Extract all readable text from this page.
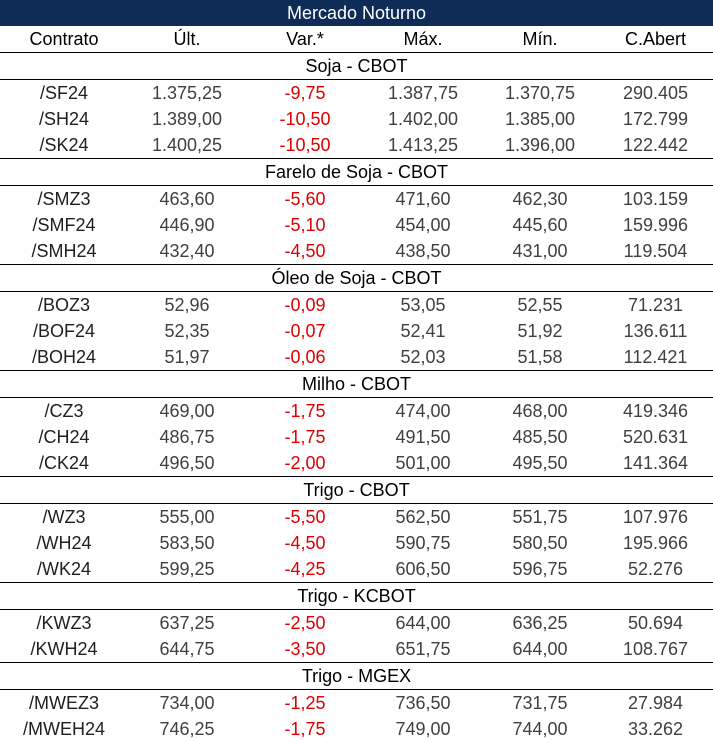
Mercado Noturno					
Contrato	Últ.	Var.*	Máx.	Mín.	C.Abert
Soja - CBOT					
/SF24	1.375,25	-9,75	1.387,75	1.370,75	290.405
/SH24	1.389,00	-10,50	1.402,00	1.385,00	172.799
/SK24	1.400,25	-10,50	1.413,25	1.396,00	122.442
Farelo de Soja - CBOT					
/SMZ3	463,60	-5,60	471,60	462,30	103.159
/SMF24	446,90	-5,10	454,00	445,60	159.996
/SMH24	432,40	-4,50	438,50	431,00	119.504
Óleo de Soja - CBOT					
/BOZ3	52,96	-0,09	53,05	52,55	71.231
/BOF24	52,35	-0,07	52,41	51,92	136.611
/BOH24	51,97	-0,06	52,03	51,58	112.421
Milho - CBOT					
/CZ3	469,00	-1,75	474,00	468,00	419.346
/CH24	486,75	-1,75	491,50	485,50	520.631
/CK24	496,50	-2,00	501,00	495,50	141.364
Trigo - CBOT					
/WZ3	555,00	-5,50	562,50	551,75	107.976
/WH24	583,50	-4,50	590,75	580,50	195.966
/WK24	599,25	-4,25	606,50	596,75	52.276
Trigo - KCBOT					
/KWZ3	637,25	-2,50	644,00	636,25	50.694
/KWH24	644,75	-3,50	651,75	644,00	108.767
Trigo - MGEX					
/MWEZ3	734,00	-1,25	736,50	731,75	27.984
/MWEH24	746,25	-1,75	749,00	744,00	33.262
